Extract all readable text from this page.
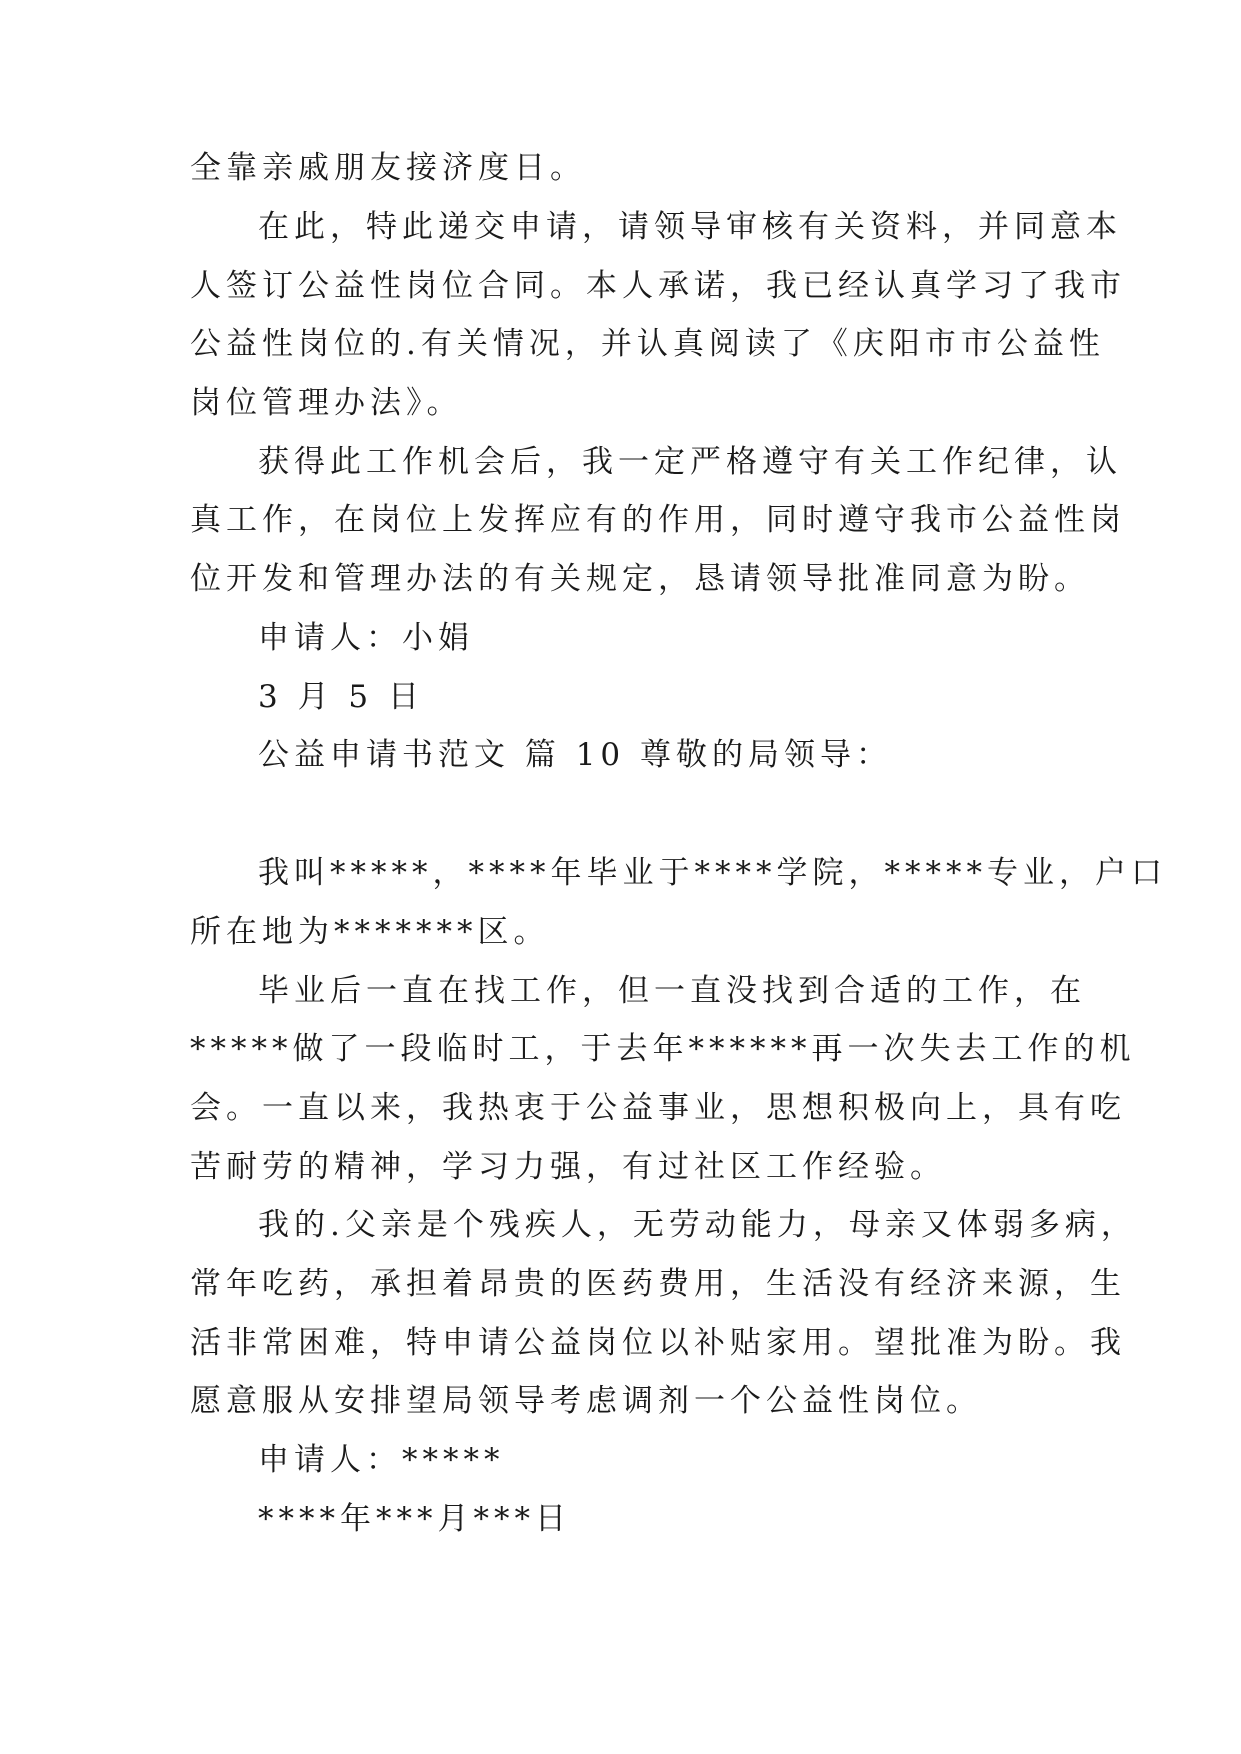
全靠亲戚朋友接济度日。
在此，特此递交申请，请领导审核有关资料，并同意本
人签订公益性岗位合同。本人承诺，我已经认真学习了我市
公益性岗位的.有关情况，并认真阅读了《庆阳市市公益性
岗位管理办法》。
获得此工作机会后，我一定严格遵守有关工作纪律，认
真工作，在岗位上发挥应有的作用，同时遵守我市公益性岗
位开发和管理办法的有关规定，恳请领导批准同意为盼。
申请人：小娟
3 月 5 日
公益申请书范文 篇 10 尊敬的局领导：
我叫*****，****年毕业于****学院，*****专业，户口
所在地为*******区。
毕业后一直在找工作，但一直没找到合适的工作，在
*****做了一段临时工，于去年******再一次失去工作的机
会。一直以来，我热衷于公益事业，思想积极向上，具有吃
苦耐劳的精神，学习力强，有过社区工作经验。
我的.父亲是个残疾人，无劳动能力，母亲又体弱多病，
常年吃药，承担着昂贵的医药费用，生活没有经济来源，生
活非常困难，特申请公益岗位以补贴家用。望批准为盼。我
愿意服从安排望局领导考虑调剂一个公益性岗位。
申请人：*****
****年***月***日
